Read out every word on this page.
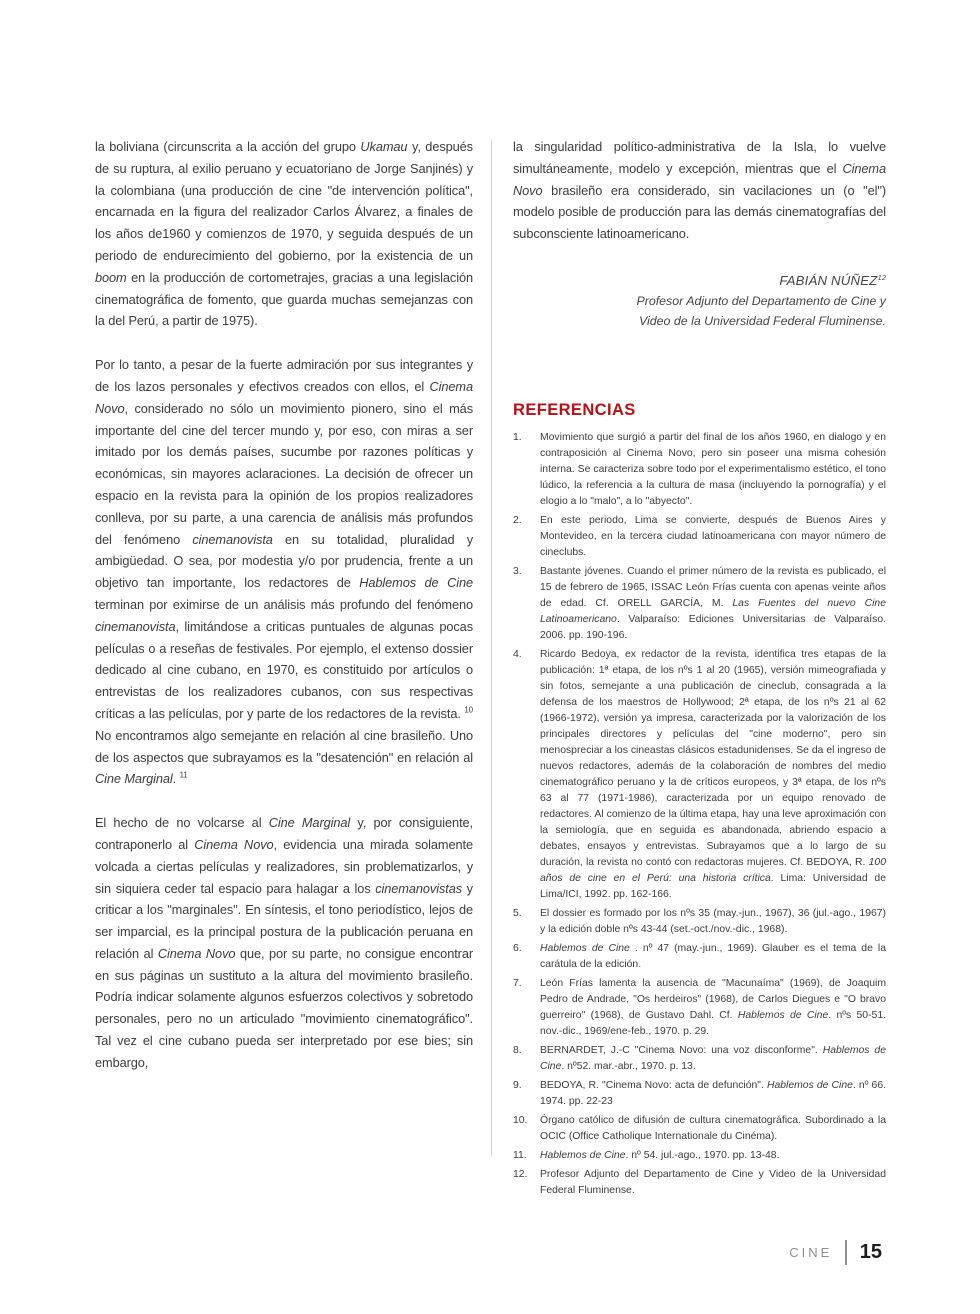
la boliviana (circunscrita a la acción del grupo Ukamau y, después de su ruptura, al exilio peruano y ecuatoriano de Jorge Sanjinés) y la colombiana (una producción de cine "de intervención política", encarnada en la figura del realizador Carlos Álvarez, a finales de los años de1960 y comienzos de 1970, y seguida después de un periodo de endurecimiento del gobierno, por la existencia de un boom en la producción de cortometrajes, gracias a una legislación cinematográfica de fomento, que guarda muchas semejanzas con la del Perú, a partir de 1975).

Por lo tanto, a pesar de la fuerte admiración por sus integrantes y de los lazos personales y efectivos creados con ellos, el Cinema Novo, considerado no sólo un movimiento pionero, sino el más importante del cine del tercer mundo y, por eso, con miras a ser imitado por los demás países, sucumbe por razones políticas y económicas, sin mayores aclaraciones. La decisión de ofrecer un espacio en la revista para la opinión de los propios realizadores conlleva, por su parte, a una carencia de análisis más profundos del fenómeno cinemanovista en su totalidad, pluralidad y ambigüedad. O sea, por modestia y/o por prudencia, frente a un objetivo tan importante, los redactores de Hablemos de Cine terminan por eximirse de un análisis más profundo del fenómeno cinemanovista, limitándose a criticas puntuales de algunas pocas películas o a reseñas de festivales. Por ejemplo, el extenso dossier dedicado al cine cubano, en 1970, es constituido por artículos o entrevistas de los realizadores cubanos, con sus respectivas críticas a las películas, por y parte de los redactores de la revista. $^{10}$ No encontramos algo semejante en relación al cine brasileño. Uno de los aspectos que subrayamos es la "desatención" en relación al Cine Marginal. $^{11}$

El hecho de no volcarse al Cine Marginal y, por consiguiente, contraponerlo al Cinema Novo, evidencia una mirada solamente volcada a ciertas películas y realizadores, sin problematizarlos, y sin siquiera ceder tal espacio para halagar a los cinemanovistas y criticar a los "marginales". En síntesis, el tono periodístico, lejos de ser imparcial, es la principal postura de la publicación peruana en relación al Cinema Novo que, por su parte, no consigue encontrar en sus páginas un sustituto a la altura del movimiento brasileño. Podría indicar solamente algunos esfuerzos colectivos y sobretodo personales, pero no un articulado "movimiento cinematográfico". Tal vez el cine cubano pueda ser interpretado por ese bies; sin embargo,

la singularidad político-administrativa de la Isla, lo vuelve simultáneamente, modelo y excepción, mientras que el Cinema Novo brasileño era considerado, sin vacilaciones un (o "el") modelo posible de producción para las demás cinematografías del subconsciente latinoamericano.

FABIÁN NÚÑEZ$^{12}$
Profesor Adjunto del Departamento de Cine y
Video de la Universidad Federal Fluminense.
REFERENCIAS
1.	Movimiento que surgió a partir del final de los años 1960, en dialogo y en contraposición al Cinema Novo, pero sin poseer una misma cohesión interna. Se caracteriza sobre todo por el experimentalismo estético, el tono lúdico, la referencia a la cultura de masa (incluyendo la pornografía) y el elogio a lo "malo", a lo "abyecto".
2.	En este periodo, Lima se convierte, después de Buenos Aires y Montevideo, en la tercera ciudad latinoamericana con mayor número de cineclubs.
3.	Bastante jóvenes. Cuando el primer número de la revista es publicado, el 15 de febrero de 1965, ISSAC León Frías cuenta con apenas veinte años de edad. Cf. ORELL GARCÍA, M. Las Fuentes del nuevo Cine Latinoamericano. Valparaíso: Ediciones Universitarias de Valparaíso. 2006. pp. 190-196.
4.	Ricardo Bedoya, ex redactor de la revista, identifica tres etapas de la publicación: 1ª etapa, de los nºs 1 al 20 (1965), versión mimeografiada y sin fotos, semejante a una publicación de cineclub, consagrada a la defensa de los maestros de Hollywood; 2ª etapa, de los nºs 21 al 62 (1966-1972), versión ya impresa, caracterizada por la valorización de los principales directores y películas del "cine moderno", pero sin menospreciar a los cineastas clásicos estadunidenses. Se da el ingreso de nuevos redactores, además de la colaboración de nombres del medio cinematográfico peruano y la de críticos europeos, y 3ª etapa, de los nºs 63 al 77 (1971-1986), caracterizada por un equipo renovado de redactores. Al comienzo de la última etapa, hay una leve aproximación con la semiología, que en seguida es abandonada, abriendo espacio a debates, ensayos y entrevistas. Subrayamos que a lo largo de su duración, la revista no contó con redactoras mujeres. Cf. BEDOYA, R. 100 años de cine en el Perú: una historia crítica. Lima: Universidad de Lima/ICI, 1992. pp. 162-166.
5.	El dossier es formado por los nºs 35 (may.-jun., 1967), 36 (jul.-ago., 1967) y la edición doble nºs 43-44 (set.-oct./nov.-dic., 1968).
6.	Hablemos de Cine . nº 47 (may.-jun., 1969). Glauber es el tema de la carátula de la edición.
7.	León Frías lamenta la ausencia de "Macunaíma" (1969), de Joaquim Pedro de Andrade, "Os herdeiros" (1968), de Carlos Diegues e "O bravo guerreiro" (1968), de Gustavo Dahl. Cf. Hablemos de Cine. nºs 50-51. nov.-dic., 1969/ene-feb., 1970. p. 29.
8.	BERNARDET, J.-C "Cinema Novo: una voz disconforme". Hablemos de Cine. nº52. mar.-abr., 1970. p. 13.
9.	BEDOYA, R. "Cinema Novo: acta de defunción". Hablemos de Cine. nº 66. 1974. pp. 22-23
10.	Órgano católico de difusión de cultura cinematográfica. Subordinado a la OCIC (Office Catholique Internationale du Cinéma).
11.	Hablemos de Cine. nº 54. jul.-ago., 1970. pp. 13-48.
12.	Profesor Adjunto del Departamento de Cine y Video de la Universidad Federal Fluminense.
CINE 15
